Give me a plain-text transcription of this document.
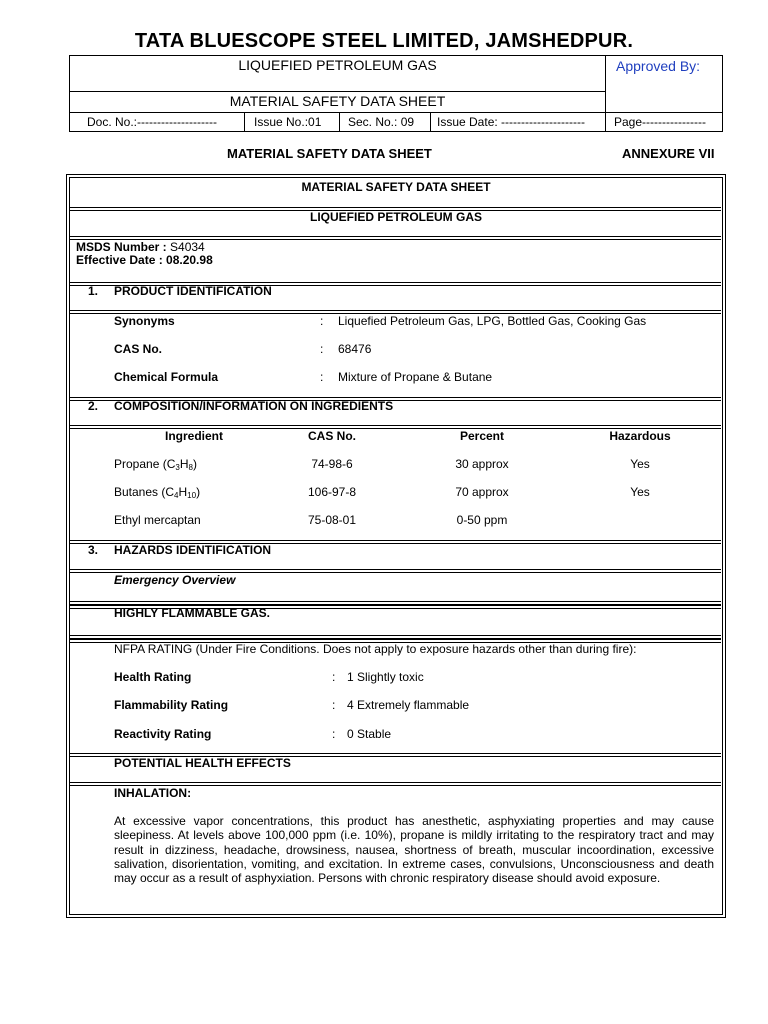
TATA BLUESCOPE STEEL LIMITED, JAMSHEDPUR.
LIQUEFIED PETROLEUM GAS
MATERIAL SAFETY DATA SHEET
Approved By:
Doc. No.:--------------------	Issue No.:01 Sec. No.: 09 Issue Date: --------------------- Page----------------
MATERIAL SAFETY DATA SHEET	ANNEXURE VII
MATERIAL SAFETY DATA SHEET
LIQUEFIED PETROLEUM GAS
MSDS Number : S4034
Effective Date : 08.20.98
1. PRODUCT IDENTIFICATION
Synonyms	: Liquefied Petroleum Gas, LPG, Bottled Gas, Cooking Gas
CAS No.	: 68476
Chemical Formula	: Mixture of Propane & Butane
2. COMPOSITION/INFORMATION ON INGREDIENTS
Ingredient	CAS No.	Percent	Hazardous
Propane $(C_3H_8)$	74-98-6	30 approx	Yes
Butanes $(C_4H_{10})$	106-97-8	70 approx	Yes
Ethyl mercaptan	75-08-01	0-50 ppm
3. HAZARDS IDENTIFICATION
Emergency Overview
HIGHLY FLAMMABLE GAS.
NFPA RATING (Under Fire Conditions. Does not apply to exposure hazards other than during fire):
Health Rating	: 1 Slightly toxic
Flammability Rating	: 4 Extremely flammable
Reactivity Rating	: 0 Stable
POTENTIAL HEALTH EFFECTS
INHALATION:
At excessive vapor concentrations, this product has anesthetic, asphyxiating properties and may cause sleepiness. At levels above 100,000 ppm (i.e. 10%), propane is mildly irritating to the respiratory tract and may result in dizziness, headache, drowsiness, nausea, shortness of breath, muscular incoordination, excessive salivation, disorientation, vomiting, and excitation. In extreme cases, convulsions, Unconsciousness and death may occur as a result of asphyxiation. Persons with chronic respiratory disease should avoid exposure.
